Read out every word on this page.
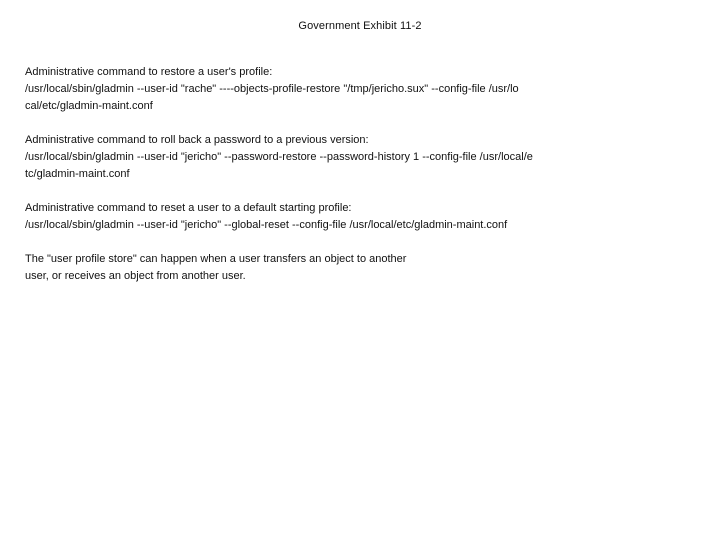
Government Exhibit 11-2
Administrative command to restore a user's profile:
/usr/local/sbin/gladmin --user-id "rache" ----objects-profile-restore "/tmp/jericho.sux" --config-file /usr/lo
cal/etc/gladmin-maint.conf
Administrative command to roll back a password to a previous version:
/usr/local/sbin/gladmin --user-id "jericho" --password-restore --password-history 1 --config-file /usr/local/e
tc/gladmin-maint.conf
Administrative command to reset a user to a default starting profile:
/usr/local/sbin/gladmin --user-id "jericho" --global-reset --config-file /usr/local/etc/gladmin-maint.conf
The "user profile store" can happen when a user transfers an object to another
user, or receives an object from another user.
